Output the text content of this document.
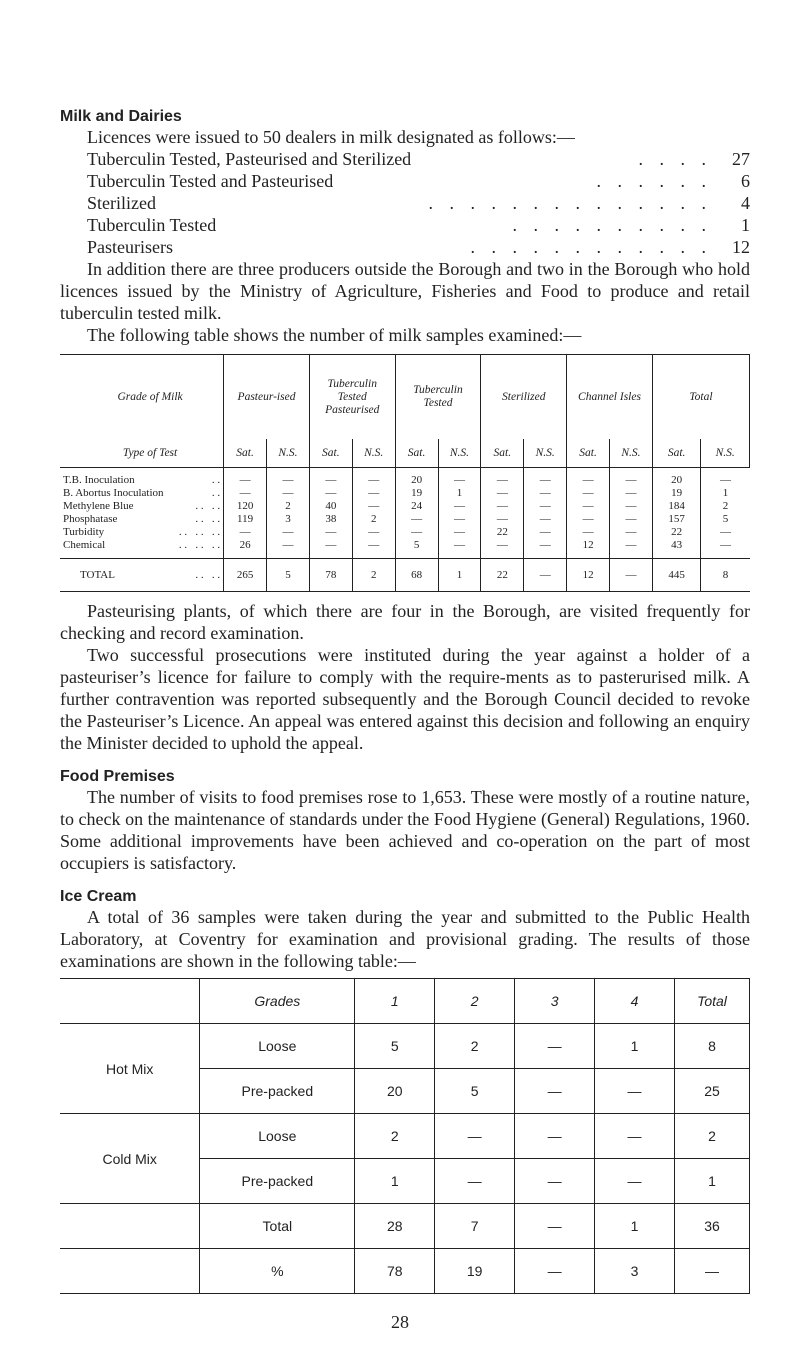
Milk and Dairies

Licences were issued to 50 dealers in milk designated as follows:—

Tuberculin Tested, Pasteurised and Sterilized	. . . .	27
Tuberculin Tested and Pasteurised	. . . . . .	6
Sterilized	. . . . . . . . . . . . . .	4
Tuberculin Tested	. . . . . . . . . .	1
Pasteurisers	. . . . . . . . . . . .	12

In addition there are three producers outside the Borough and two in the Borough who hold licences issued by the Ministry of Agriculture, Fisheries and Food to produce and retail tuberculin tested milk.

The following table shows the number of milk samples examined:—

Grade of Milk	Pasteur-ised		Tuberculin Tested Pasteurised		Tuberculin Tested		Sterilized		Channel Isles		Total	
Type of Test	Sat.	N.S.	Sat.	N.S.	Sat.	N.S.	Sat.	N.S.	Sat.	N.S.	Sat.	N.S.
T.B. Inoculation . .	—	—	—	—	20	—	—	—	—	—	20	—
B. Abortus Inoculation . .	—	—	—	—	19	1	—	—	—	—	19	1
Methylene Blue . .   . .	120	2	40	—	24	—	—	—	—	—	184	2
Phosphatase . .   . .	119	3	38	2	—	—	—	—	—	—	157	5
Turbidity . .   . .   . .	—	—	—	—	—	—	22	—	—	—	22	—
Chemical . .   . .   . .	26	—	—	—	5	—	—	—	12	—	43	—
TOTAL . .   . .	265	5	78	2	68	1	22	—	12	—	445	8

Pasteurising plants, of which there are four in the Borough, are visited frequently for checking and record examination.

Two successful prosecutions were instituted during the year against a holder of a pasteuriser’s licence for failure to comply with the require-ments as to pasterurised milk. A further contravention was reported subsequently and the Borough Council decided to revoke the Pasteuriser’s Licence. An appeal was entered against this decision and following an enquiry the Minister decided to uphold the appeal.

Food Premises

The number of visits to food premises rose to 1,653. These were mostly of a routine nature, to check on the maintenance of standards under the Food Hygiene (General) Regulations, 1960. Some additional improvements have been achieved and co-operation on the part of most occupiers is satisfactory.

Ice Cream

A total of 36 samples were taken during the year and submitted to the Public Health Laboratory, at Coventry for examination and provisional grading. The results of those examinations are shown in the following table:—

	Grades	1	2	3	4	Total
Hot Mix	Loose	5	2	—	1	8
	Pre-packed	20	5	—	—	25
Cold Mix	Loose	2	—	—	—	2
	Pre-packed	1	—	—	—	1
	Total	28	7	—	1	36
	%	78	19	—	3	—
28
